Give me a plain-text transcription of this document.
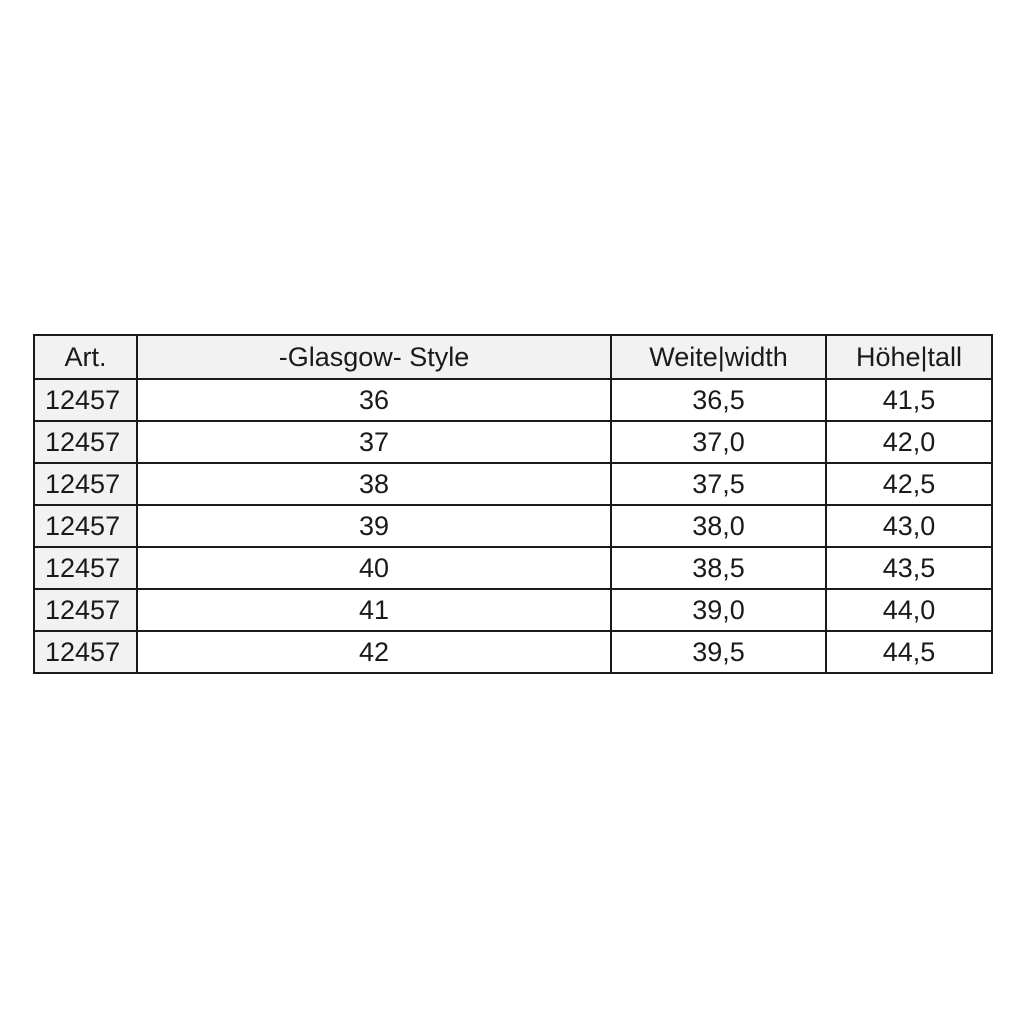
Art.	-Glasgow- Style	Weite|width	Höhe|tall
12457	36	36,5	41,5
12457	37	37,0	42,0
12457	38	37,5	42,5
12457	39	38,0	43,0
12457	40	38,5	43,5
12457	41	39,0	44,0
12457	42	39,5	44,5
